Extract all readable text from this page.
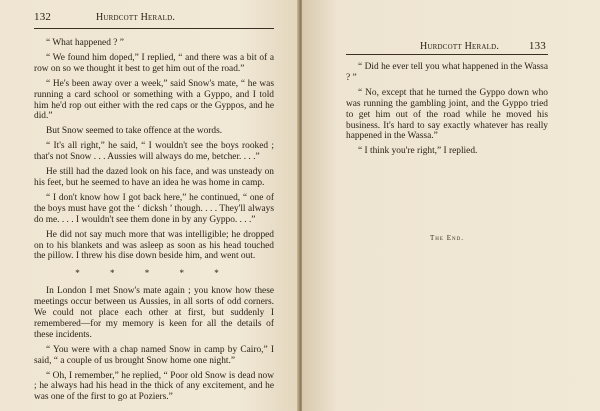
132	Hurdcott Herald.

“ What happened ? ”

“ We found him doped,” I replied, “ and there was a bit of a row on so we thought it best to get him out of the road.”

“ He's been away over a week,” said Snow's mate, “ he was running a card school or something with a Gyppo, and I told him he'd rop out either with the red caps or the Gyppos, and he did.”

But Snow seemed to take offence at the words.

“ It's all right,” he said, “ I wouldn't see the boys rooked ; that's not Snow . . . Aussies will always do me, betcher. . . .”

He still had the dazed look on his face, and was unsteady on his feet, but he seemed to have an idea he was home in camp.

“ I don't know how I got back here,” he continued, “ one of the boys must have got the ‘ dicksh ’ though. . . . They'll always do me. . . . I wouldn't see them done in by any Gyppo. . . .”

He did not say much more that was intelligible; he dropped on to his blankets and was asleep as soon as his head touched the pillow. I threw his dise down beside him, and went out.

* * * * *

In London I met Snow's mate again ; you know how these meetings occur between us Aussies, in all sorts of odd corners. We could not place each other at first, but suddenly I remembered—for my memory is keen for all the details of these incidents.

“ You were with a chap named Snow in camp by Cairo,” I said, “ a couple of us brought Snow home one night.”

“ Oh, I remember,” he replied, “ Poor old Snow is dead now ; he always had his head in the thick of any excitement, and he was one of the first to go at Poziers.”

Hurdcott Herald.	133

“ Did he ever tell you what happened in the Wassa ? ”

“ No, except that he turned the Gyppo down who was running the gambling joint, and the Gyppo tried to get him out of the road while he moved his business. It's hard to say exactly whatever has really happened in the Wassa.”

“ I think you're right,” I replied.

The End.
